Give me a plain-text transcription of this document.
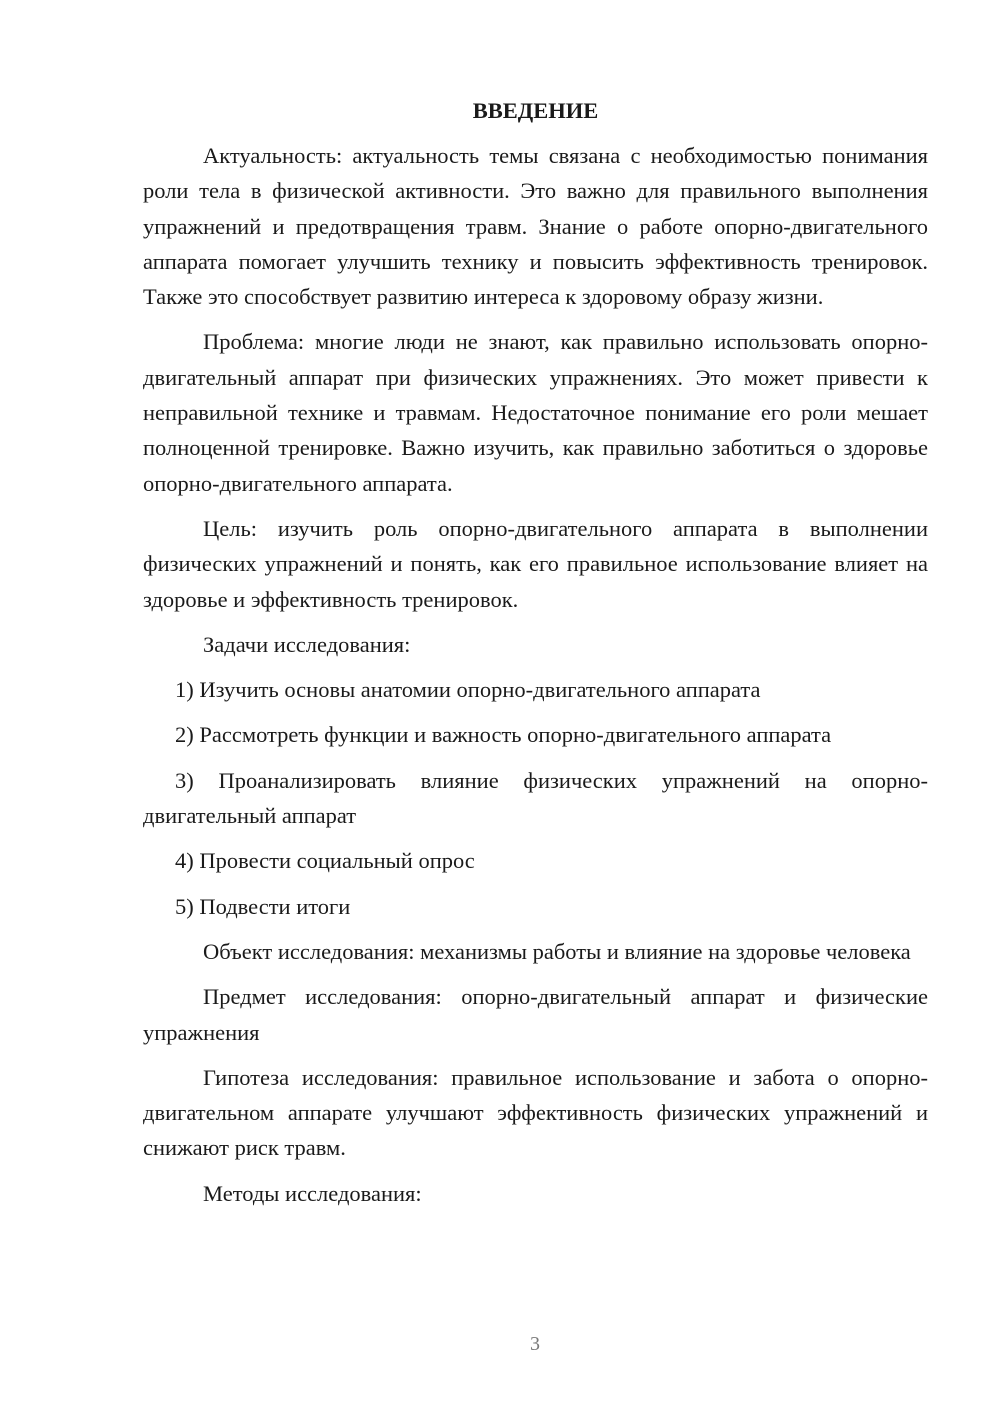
ВВЕДЕНИЕ

Актуальность: актуальность темы связана с необходимостью понимания роли тела в физической активности. Это важно для правильного выполнения упражнений и предотвращения травм. Знание о работе опорно-двигательного аппарата помогает улучшить технику и повысить эффективность тренировок. Также это способствует развитию интереса к здоровому образу жизни.

Проблема: многие люди не знают, как правильно использовать опорно-двигательный аппарат при физических упражнениях. Это может привести к неправильной технике и травмам. Недостаточное понимание его роли мешает полноценной тренировке. Важно изучить, как правильно заботиться о здоровье опорно-двигательного аппарата.

Цель: изучить роль опорно-двигательного аппарата в выполнении физических упражнений и понять, как его правильное использование влияет на здоровье и эффективность тренировок.

Задачи исследования:

1) Изучить основы анатомии опорно-двигательного аппарата

2) Рассмотреть функции и важность опорно-двигательного аппарата

3) Проанализировать влияние физических упражнений на опорно-двигательный аппарат

4) Провести социальный опрос

5) Подвести итоги

Объект исследования: механизмы работы и влияние на здоровье человека

Предмет исследования: опорно-двигательный аппарат и физические упражнения

Гипотеза исследования: правильное использование и забота о опорно-двигательном аппарате улучшают эффективность физических упражнений и снижают риск травм.

Методы исследования:

3
